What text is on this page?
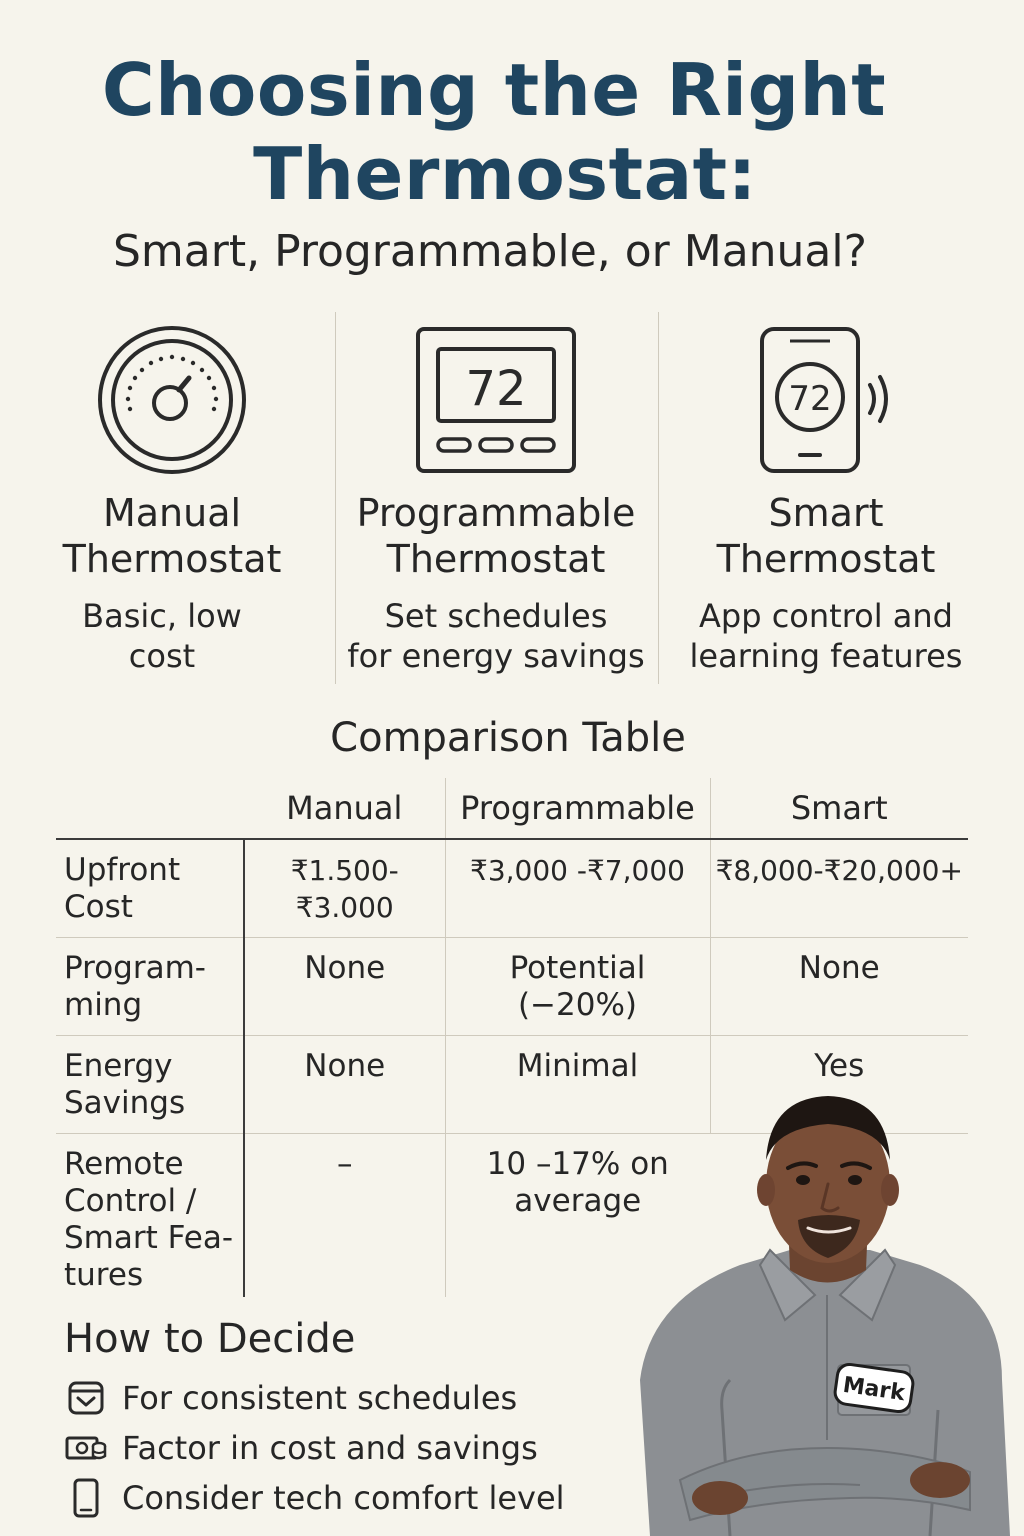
Choosing the Right
Thermostat:
Smart, Programmable, or Manual?
Manual
Thermostat
Basic, low
cost
72
Programmable
Thermostat
Set schedules
for energy savings
72
Smart
Thermostat
App control and
learning features
Comparison Table
	Manual	Programmable	Smart
Upfront
Cost	₹1.500-₹3.000	₹3,000 -₹7,000	₹8,000-₹20,000+
Program-
ming	None	Potential
(−20%)	None
Energy
Savings	None	Minimal	Yes
Remote
Control /
Smart Fea-
tures	–	10 –17% on
average	
How to Decide
For consistent schedules
Factor in cost and savings
Consider tech comfort level
Mark
